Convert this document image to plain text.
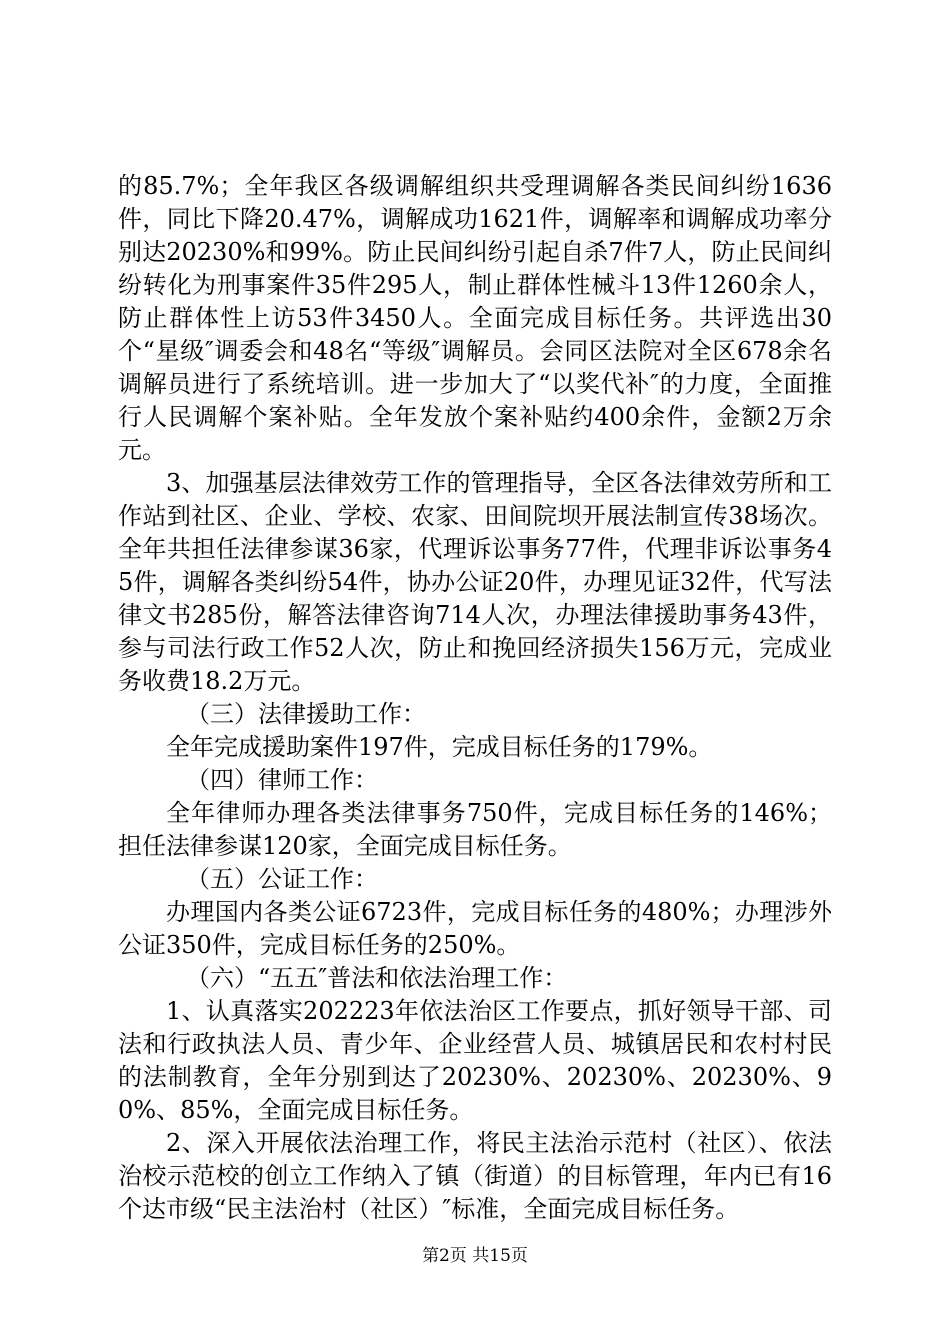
的85.7%；全年我区各级调解组织共受理调解各类民间纠纷1636件，同比下降20.47%，调解成功1621件，调解率和调解成功率分别达20230%和99%。防止民间纠纷引起自杀7件7人，防止民间纠纷转化为刑事案件35件295人，制止群体性械斗13件1260余人，防止群体性上访53件3450人。全面完成目标任务。共评选出30个“星级″调委会和48名“等级″调解员。会同区法院对全区678余名调解员进行了系统培训。进一步加大了“以奖代补″的力度，全面推行人民调解个案补贴。全年发放个案补贴约400余件，金额2万余元。

3、加强基层法律效劳工作的管理指导，全区各法律效劳所和工作站到社区、企业、学校、农家、田间院坝开展法制宣传38场次。全年共担任法律参谋36家，代理诉讼事务77件，代理非诉讼事务45件，调解各类纠纷54件，协办公证20件，办理见证32件，代写法律文书285份，解答法律咨询714人次，办理法律援助事务43件，参与司法行政工作52人次，防止和挽回经济损失156万元，完成业务收费18.2万元。

（三）法律援助工作：

全年完成援助案件197件，完成目标任务的179%。

（四）律师工作：

全年律师办理各类法律事务750件，完成目标任务的146%；担任法律参谋120家，全面完成目标任务。

（五）公证工作：

办理国内各类公证6723件，完成目标任务的480%；办理涉外公证350件，完成目标任务的250%。

（六）“五五″普法和依法治理工作：

1、认真落实202223年依法治区工作要点，抓好领导干部、司法和行政执法人员、青少年、企业经营人员、城镇居民和农村村民的法制教育，全年分别到达了20230%、20230%、20230%、90%、85%，全面完成目标任务。

2、深入开展依法治理工作，将民主法治示范村（社区）、依法治校示范校的创立工作纳入了镇（街道）的目标管理，年内已有16个达市级“民主法治村（社区）″标准，全面完成目标任务。

第2页 共15页
